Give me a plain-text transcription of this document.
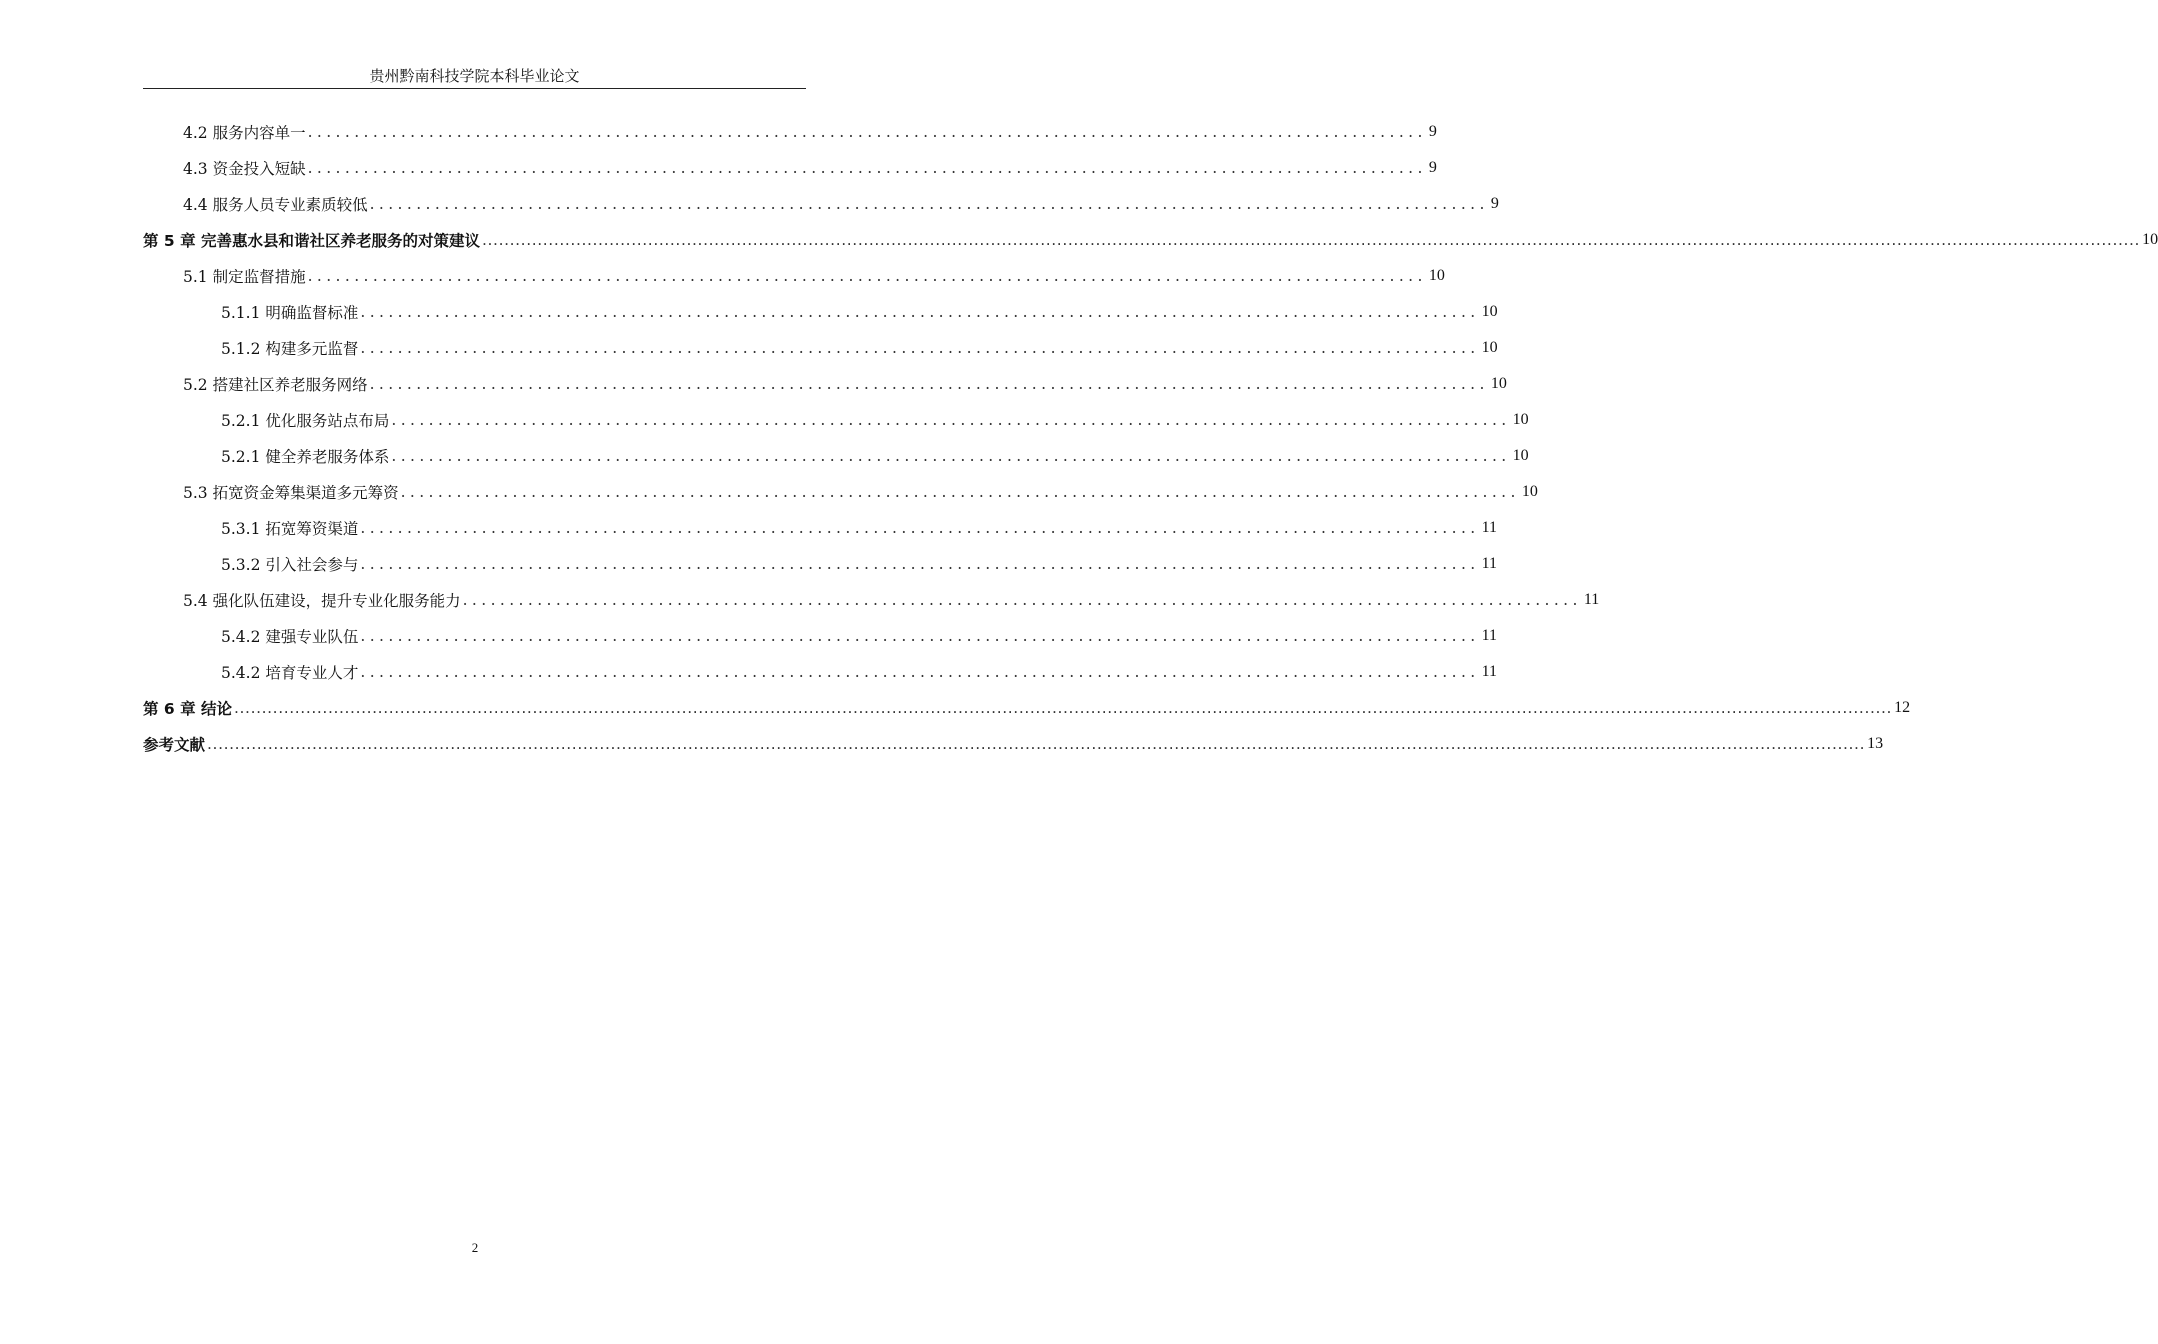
贵州黔南科技学院本科毕业论文
4.2 服务内容单一 ........................................................................................................................ 9
4.3 资金投入短缺 ........................................................................................................................ 9
4.4 服务人员专业素质较低 ........................................................................................................................ 9
第 5 章 完善惠水县和谐社区养老服务的对策建议 ............................................................................................................................................................................................................................................................................................................ 10
5.1 制定监督措施 ........................................................................................................................ 10
5.1.1 明确监督标准 ........................................................................................................................ 10
5.1.2 构建多元监督 ........................................................................................................................ 10
5.2 搭建社区养老服务网络 ........................................................................................................................ 10
5.2.1 优化服务站点布局 ........................................................................................................................ 10
5.2.1 健全养老服务体系 ........................................................................................................................ 10
5.3 拓宽资金筹集渠道多元筹资 ........................................................................................................................ 10
5.3.1 拓宽筹资渠道 ........................................................................................................................ 11
5.3.2 引入社会参与 ........................................................................................................................ 11
5.4 强化队伍建设，提升专业化服务能力 ........................................................................................................................ 11
5.4.2 建强专业队伍 ........................................................................................................................ 11
5.4.2 培育专业人才 ........................................................................................................................ 11
第 6 章 结论 ............................................................................................................................................................................................................................................................................................................ 12
参考文献 ............................................................................................................................................................................................................................................................................................................ 13
2
